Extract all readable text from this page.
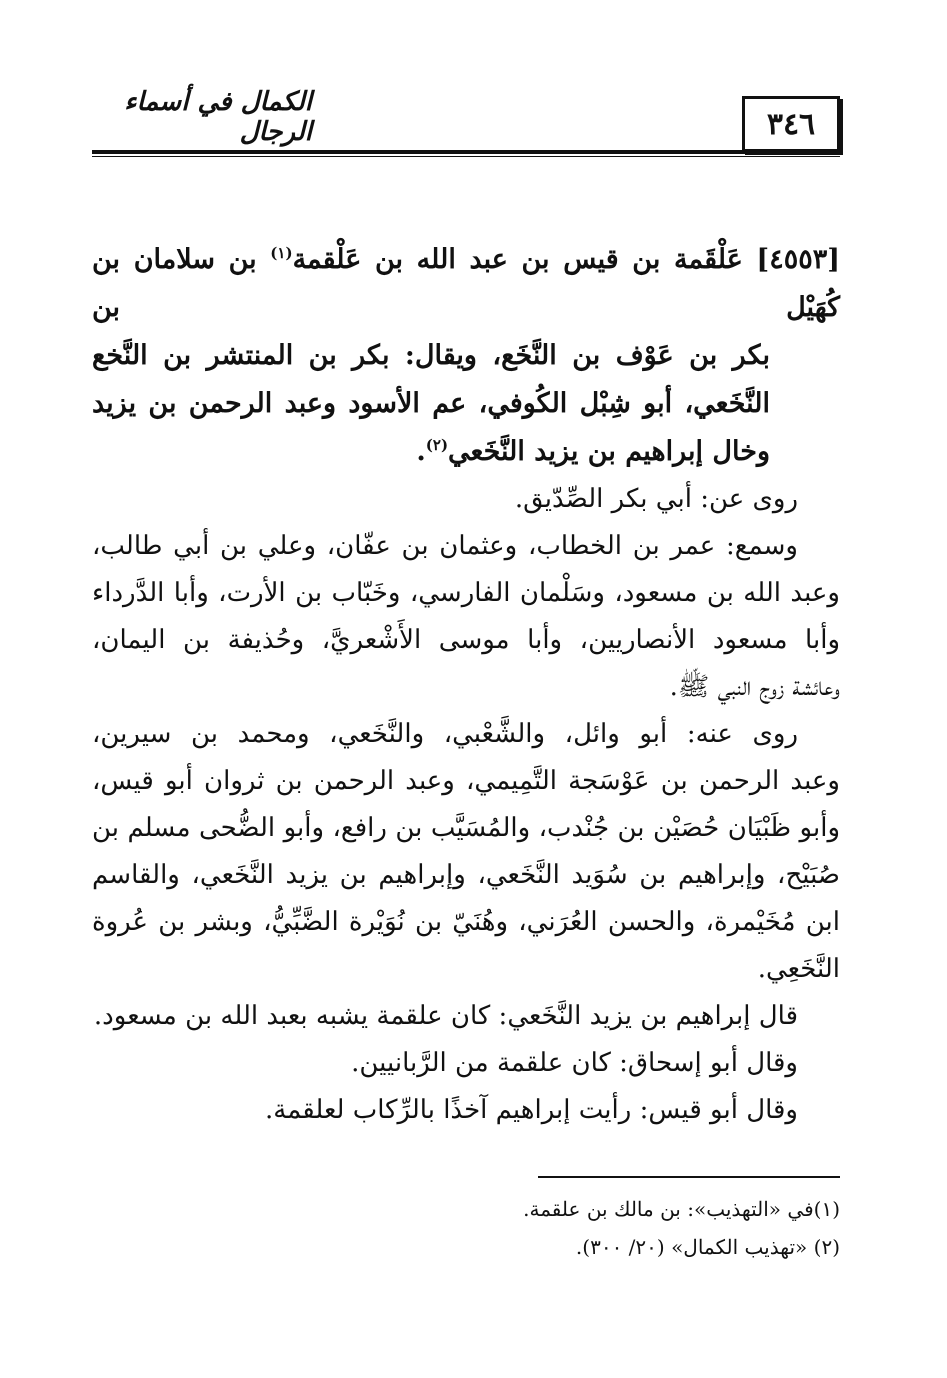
٣٤٦
الكمال في أسماء الرجال
[٤٥٥٣] عَلْقَمة بن قيس بن عبد الله بن عَلْقمة$^{(١)}$ بن سلامان بن كُهَيْل بن
بكر بن عَوْف بن النَّخَع، ويقال: بكر بن المنتشر بن النَّخع
النَّخَعي، أبو شِبْل الكُوفي، عم الأسود وعبد الرحمن بن يزيد
وخال إبراهيم بن يزيد النَّخَعي$^{(٢)}$.
روى عن: أبي بكر الصِّدّيق.
وسمع: عمر بن الخطاب، وعثمان بن عفّان، وعلي بن أبي طالب،
وعبد الله بن مسعود، وسَلْمان الفارسي، وخَبّاب بن الأرت، وأبا الدَّرداء
وأبا مسعود الأنصاريين، وأبا موسى الأَشْعريَّ، وحُذيفة بن اليمان،
وعائشة زوج النبي ﷺ.
روى عنه: أبو وائل، والشَّعْبي، والنَّخَعي، ومحمد بن سيرين،
وعبد الرحمن بن عَوْسَجة التَّمِيمي، وعبد الرحمن بن ثروان أبو قيس،
وأبو ظَبْيَان حُصَيْن بن جُنْدب، والمُسَيَّب بن رافع، وأبو الضُّحى مسلم بن
صُبَيْح، وإبراهيم بن سُوَيد النَّخَعي، وإبراهيم بن يزيد النَّخَعي، والقاسم
ابن مُخَيْمرة، والحسن العُرَني، وهُنَيّ بن نُوَيْرة الضَّبِّيُّ، وبشر بن عُروة
النَّخَعِي.
قال إبراهيم بن يزيد النَّخَعي: كان علقمة يشبه بعبد الله بن مسعود.
وقال أبو إسحاق: كان علقمة من الرَّبانيين.
وقال أبو قيس: رأيت إبراهيم آخذًا بالرِّكاب لعلقمة.
(١)في «التهذيب»: بن مالك بن علقمة.
(٢) «تهذيب الكمال» (٢٠/ ٣٠٠).
